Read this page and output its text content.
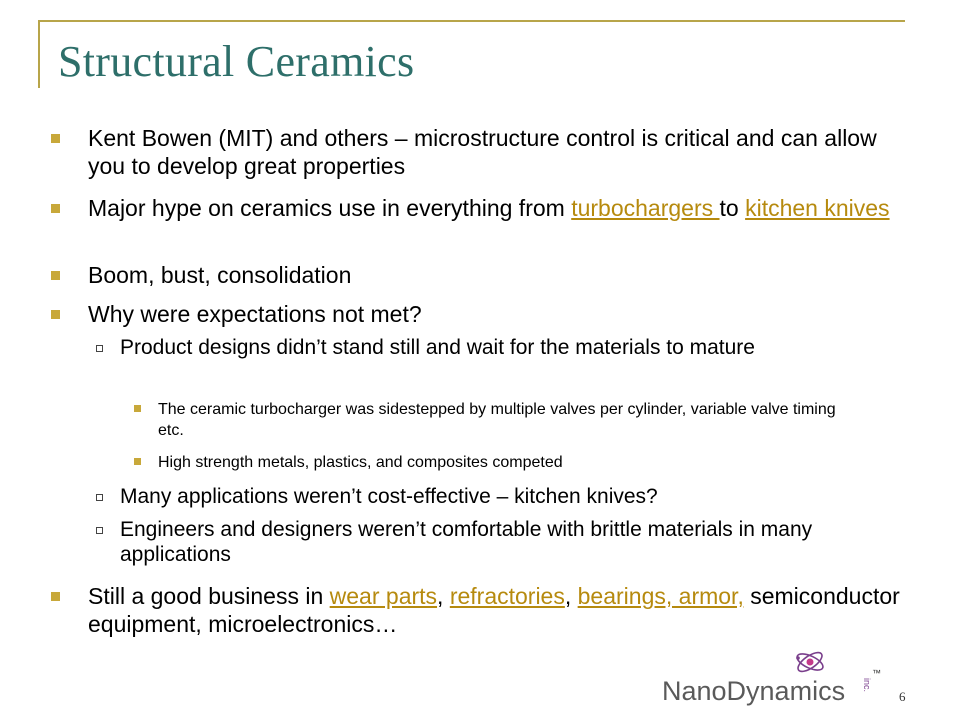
Structural Ceramics
Kent Bowen (MIT) and others – microstructure control is critical and can allow you to develop great properties
Major hype on ceramics use in everything from turbochargers to kitchen knives
Boom, bust, consolidation
Why were expectations not met?
Product designs didn’t stand still and wait for the materials to mature
The ceramic turbocharger was sidestepped by multiple valves per cylinder, variable valve timing etc.
High strength metals, plastics, and composites competed
Many applications weren’t cost-effective – kitchen knives?
Engineers and designers weren’t comfortable with brittle materials in many applications
Still a good business in wear parts, refractories, bearings, armor, semiconductor equipment, microelectronics…
NanoDynamics inc.
™
6
